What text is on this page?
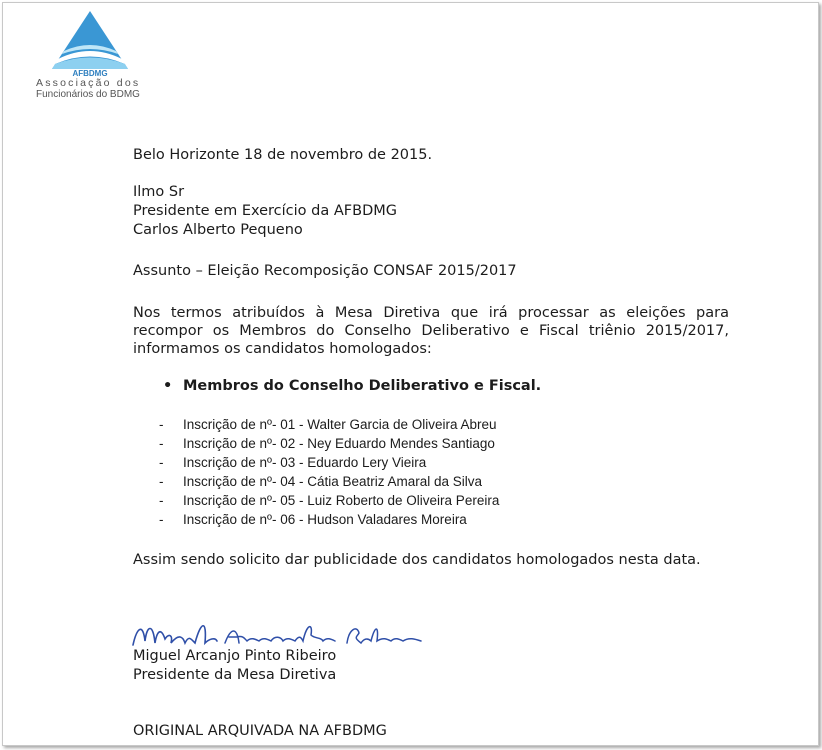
AFBDMG
Associação dos
Funcionários do BDMG
Belo Horizonte 18 de novembro de 2015.
Ilmo Sr
Presidente em Exercício da AFBDMG
Carlos Alberto Pequeno
Assunto – Eleição Recomposição CONSAF 2015/2017
Nos termos atribuídos à Mesa Diretiva que irá processar as eleições para recompor os Membros do Conselho Deliberativo e Fiscal triênio 2015/2017, informamos os candidatos homologados:
• Membros do Conselho Deliberativo e Fiscal.
- Inscrição de nº- 01 - Walter Garcia de Oliveira Abreu
- Inscrição de nº- 02 - Ney Eduardo Mendes Santiago
- Inscrição de nº- 03 - Eduardo Lery Vieira
- Inscrição de nº- 04 - Cátia Beatriz Amaral da Silva
- Inscrição de nº- 05 - Luiz Roberto de Oliveira Pereira
- Inscrição de nº- 06 - Hudson Valadares Moreira
Assim sendo solicito dar publicidade dos candidatos homologados nesta data.
Miguel Arcanjo Pinto Ribeiro
Presidente da Mesa Diretiva
ORIGINAL ARQUIVADA NA AFBDMG
